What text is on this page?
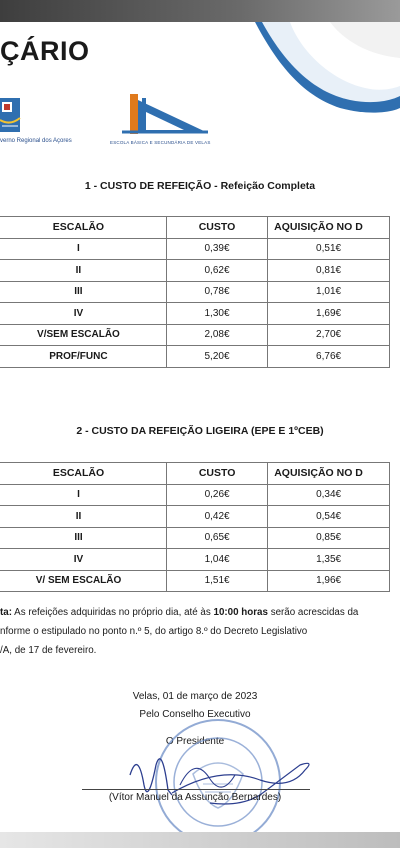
ÇÁRIO
verno Regional dos Açores	ESCOLA BÁSICA E SECUNDÁRIA DE VELAS
1 - CUSTO DE REFEIÇÃO - Refeição Completa
ESCALÃO	CUSTO	AQUISIÇÃO NO D
I	0,39€	0,51€
II	0,62€	0,81€
III	0,78€	1,01€
IV	1,30€	1,69€
V/SEM ESCALÃO	2,08€	2,70€
PROF/FUNC	5,20€	6,76€
2 - CUSTO DA REFEIÇÃO LIGEIRA (EPE E 1ºCEB)
ESCALÃO	CUSTO	AQUISIÇÃO NO D
I	0,26€	0,34€
II	0,42€	0,54€
III	0,65€	0,85€
IV	1,04€	1,35€
V/ SEM ESCALÃO	1,51€	1,96€
ta: As refeições adquiridas no próprio dia, até às 10:00 horas serão acrescidas da
nforme o estipulado no ponto n.º 5, do artigo 8.º do Decreto Legislativo
/A, de 17 de fevereiro.
Velas, 01 de março de 2023
Pelo Conselho Executivo
O Presidente
(Vítor Manuel da Assunção Bernardes)
